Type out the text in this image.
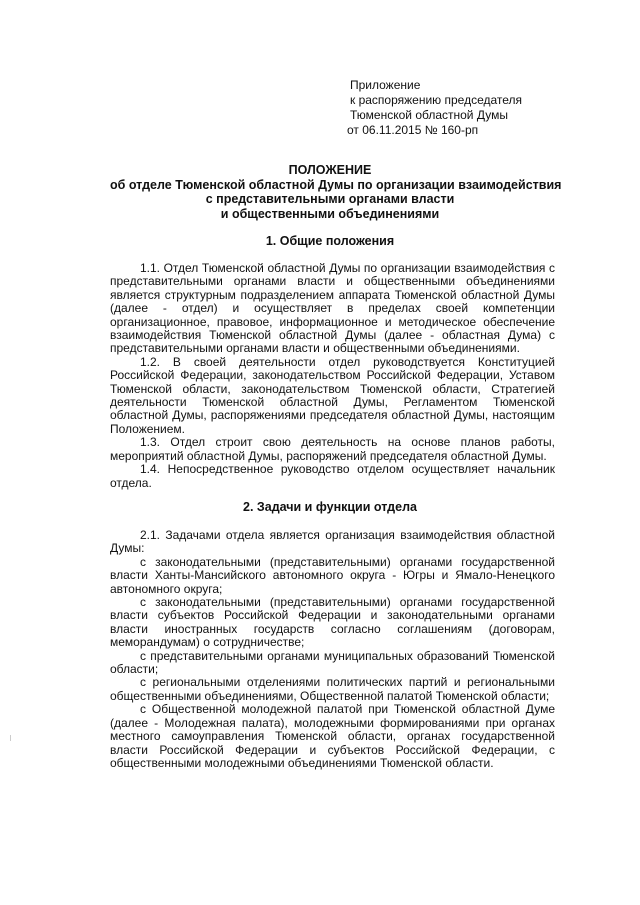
Приложение
к распоряжению председателя
Тюменской областной Думы
от 06.11.2015 № 160-рп
ПОЛОЖЕНИЕ
об отделе Тюменской областной Думы по организации взаимодействия
с представительными органами власти
и общественными объединениями
1. Общие положения

1.1. Отдел Тюменской областной Думы по организации взаимодействия с представительными органами власти и общественными объединениями является структурным подразделением аппарата Тюменской областной Думы (далее - отдел) и осуществляет в пределах своей компетенции организационное, правовое, информационное и методическое обеспечение взаимодействия Тюменской областной Думы (далее - областная Дума) с представительными органами власти и общественными объединениями.

1.2. В своей деятельности отдел руководствуется Конституцией Российской Федерации, законодательством Российской Федерации, Уставом Тюменской области, законодательством Тюменской области, Стратегией деятельности Тюменской областной Думы, Регламентом Тюменской областной Думы, распоряжениями председателя областной Думы, настоящим Положением.

1.3. Отдел строит свою деятельность на основе планов работы, мероприятий областной Думы, распоряжений председателя областной Думы.

1.4. Непосредственное руководство отделом осуществляет начальник отдела.

2. Задачи и функции отдела

2.1. Задачами отдела является организация взаимодействия областной Думы:

с законодательными (представительными) органами государственной власти Ханты-Мансийского автономного округа - Югры и Ямало-Ненецкого автономного округа;

с законодательными (представительными) органами государственной власти субъектов Российской Федерации и законодательными органами власти иностранных государств согласно соглашениям (договорам, меморандумам) о сотрудничестве;

с представительными органами муниципальных образований Тюменской области;

с региональными отделениями политических партий и региональными общественными объединениями, Общественной палатой Тюменской области;

с Общественной молодежной палатой при Тюменской областной Думе (далее - Молодежная палата), молодежными формированиями при органах местного самоуправления Тюменской области, органах государственной власти Российской Федерации и субъектов Российской Федерации, с общественными молодежными объединениями Тюменской области.
